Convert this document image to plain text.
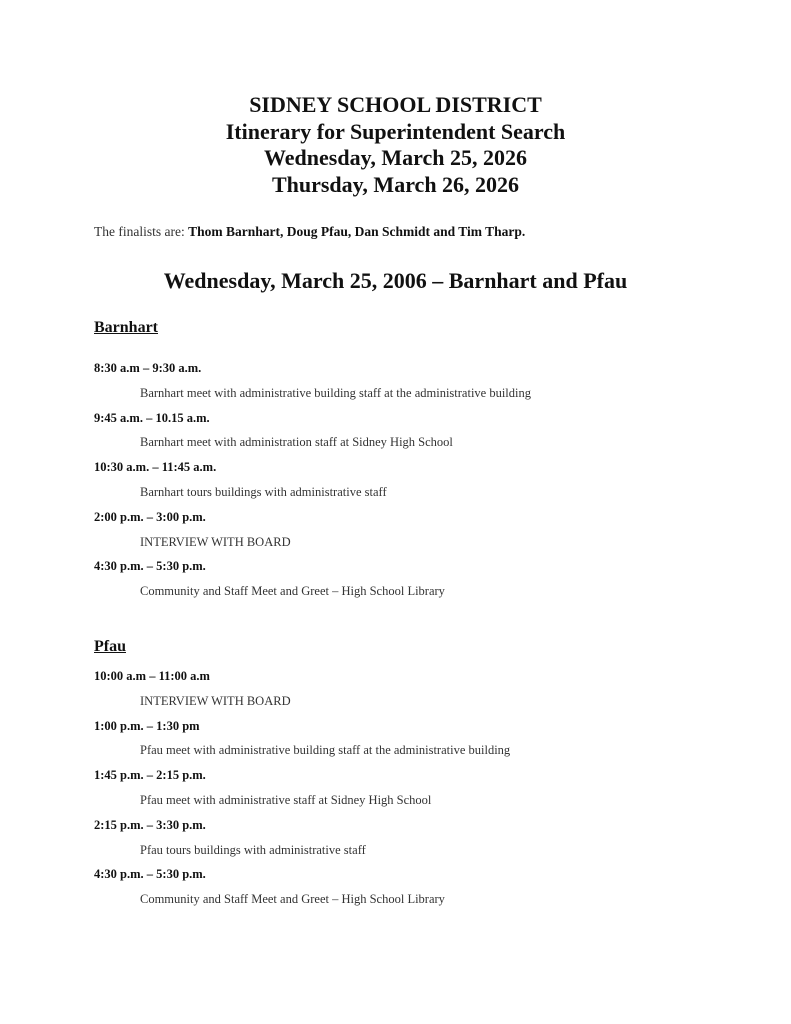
SIDNEY SCHOOL DISTRICT
Itinerary for Superintendent Search
Wednesday, March 25, 2026
Thursday, March 26, 2026
The finalists are: Thom Barnhart, Doug Pfau, Dan Schmidt and Tim Tharp.
Wednesday, March 25, 2006 – Barnhart and Pfau
Barnhart
8:30 a.m – 9:30 a.m.
Barnhart meet with administrative building staff at the administrative building
9:45 a.m. – 10.15 a.m.
Barnhart meet with administration staff at Sidney High School
10:30 a.m. – 11:45 a.m.
Barnhart tours buildings with administrative staff
2:00 p.m. – 3:00 p.m.
INTERVIEW WITH BOARD
4:30 p.m. – 5:30 p.m.
Community and Staff Meet and Greet – High School Library
Pfau
10:00 a.m – 11:00 a.m
INTERVIEW WITH BOARD
1:00 p.m. – 1:30 pm
Pfau meet with administrative building staff at the administrative building
1:45 p.m. – 2:15 p.m.
Pfau meet with administrative staff at Sidney High School
2:15 p.m. – 3:30 p.m.
Pfau tours buildings with administrative staff
4:30 p.m. – 5:30 p.m.
Community and Staff Meet and Greet – High School Library
